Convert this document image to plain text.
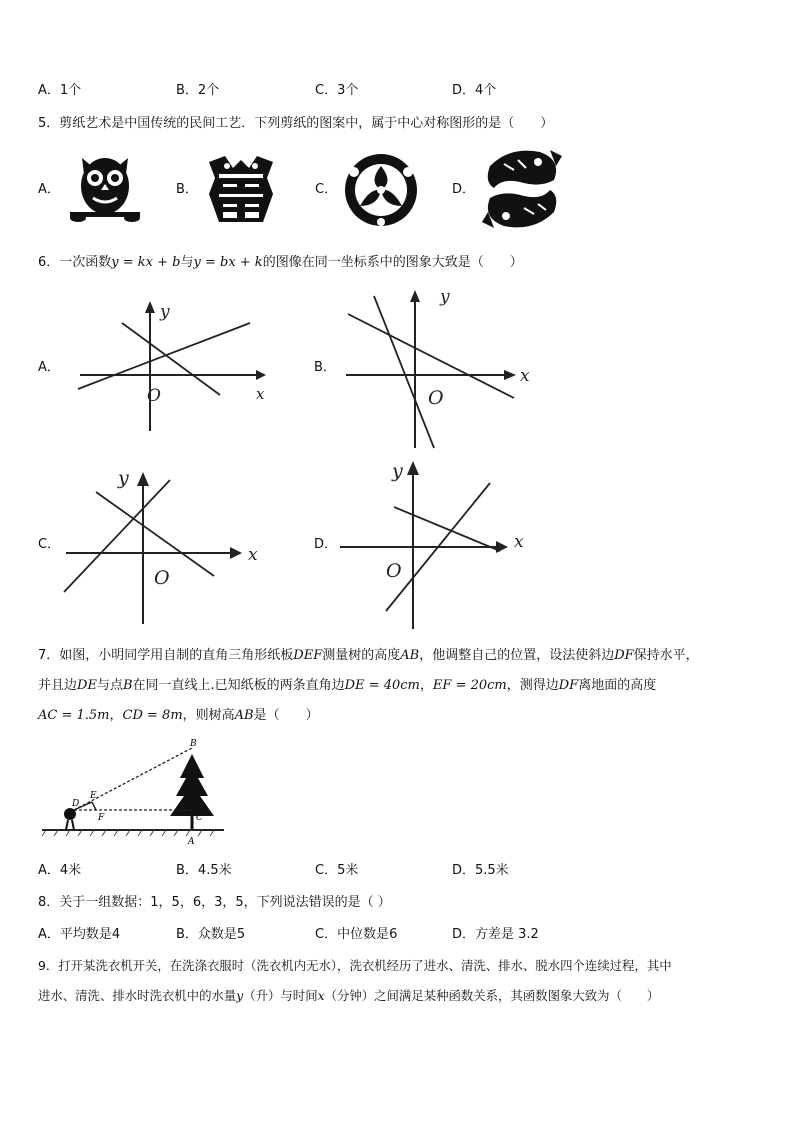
A．1个	B．2个	C．3个	D．4个
5．剪纸艺术是中国传统的民间工艺．下列剪纸的图案中，属于中心对称图形的是（　　）
A．	B．	C．	D．
6．一次函数y = kx + b与y = bx + k的图像在同一坐标系中的图象大致是（　　）
A．
y
x
O
B．
y
x
O
C．
y
x
O
D．
y
x
O
7．如图，小明同学用自制的直角三角形纸板DEF测量树的高度AB，他调整自己的位置，设法使斜边DF保持水平，
并且边DE与点B在同一直线上.已知纸板的两条直角边DE = 40cm，EF = 20cm，测得边DF离地面的高度
AC = 1.5m，CD = 8m，则树高AB是（　　）
B
E
D
F	C
A
A．4米	B．4.5米	C．5米	D．5.5米
8．关于一组数据：1，5，6，3，5，下列说法错误的是（ ）
A．平均数是4	B．众数是5	C．中位数是6	D．方差是 3.2
9．打开某洗衣机开关，在洗涤衣服时（洗衣机内无水），洗衣机经历了进水、清洗、排水、脱水四个连续过程，其中
进水、清洗、排水时洗衣机中的水量y（升）与时间x（分钟）之间满足某种函数关系，其函数图象大致为（　　）
